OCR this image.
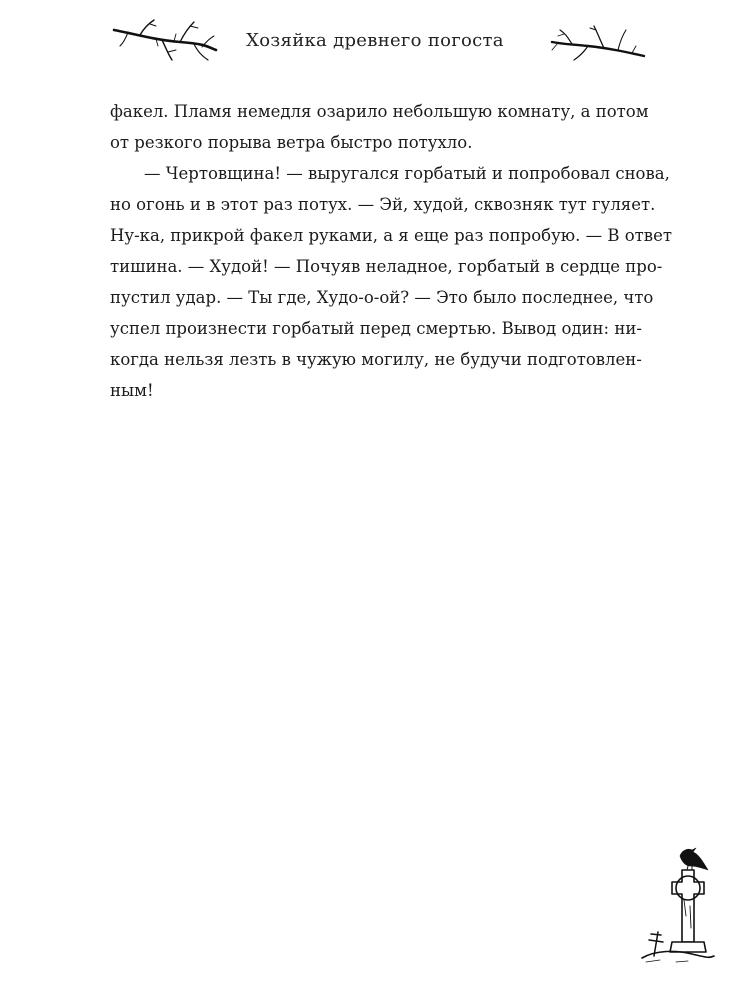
Хозяйка древнего погоста
факел. Пламя немедля озарило небольшую комнату, а потом
от резкого порыва ветра быстро потухло.
— Чертовщина! — выругался горбатый и попробовал снова,
но огонь и в этот раз потух. — Эй, худой, сквозняк тут гуляет.
Ну-ка, прикрой факел руками, а я еще раз попробую. — В ответ
тишина. — Худой! — Почуяв неладное, горбатый в сердце про-
пустил удар. — Ты где, Худо-о-ой? — Это было последнее, что
успел произнести горбатый перед смертью. Вывод один: ни-
когда нельзя лезть в чужую могилу, не будучи подготовлен-
ным!
